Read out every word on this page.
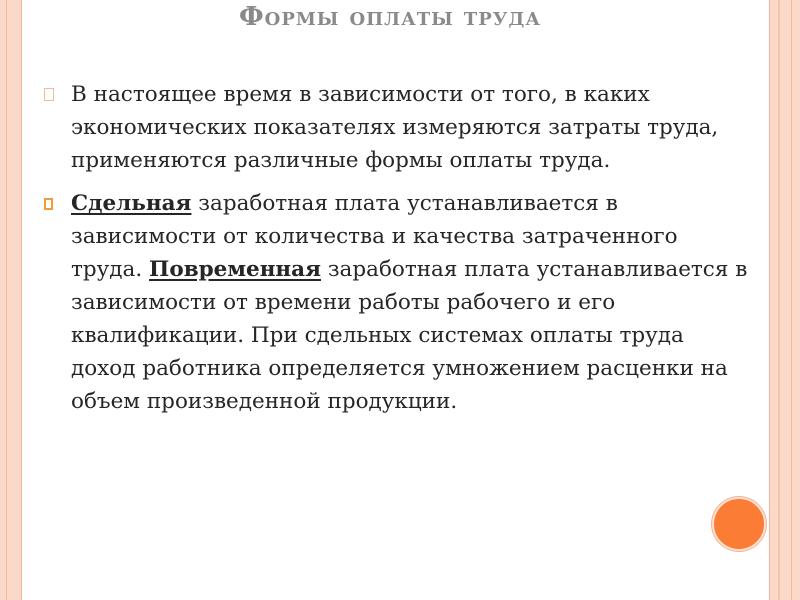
Формы оплаты труда
В настоящее время в зависимости от того, в каких экономических показателях измеряются затраты труда, применяются различные формы оплаты труда.
Сдельная заработная плата устанавливается в зависимости от количества и качества затраченного труда. Повременная заработная плата устанавливается в зависимости от времени работы рабочего и его квалификации. При сдельных системах оплаты труда доход работника определяется умножением расценки на объем произведенной продукции.
